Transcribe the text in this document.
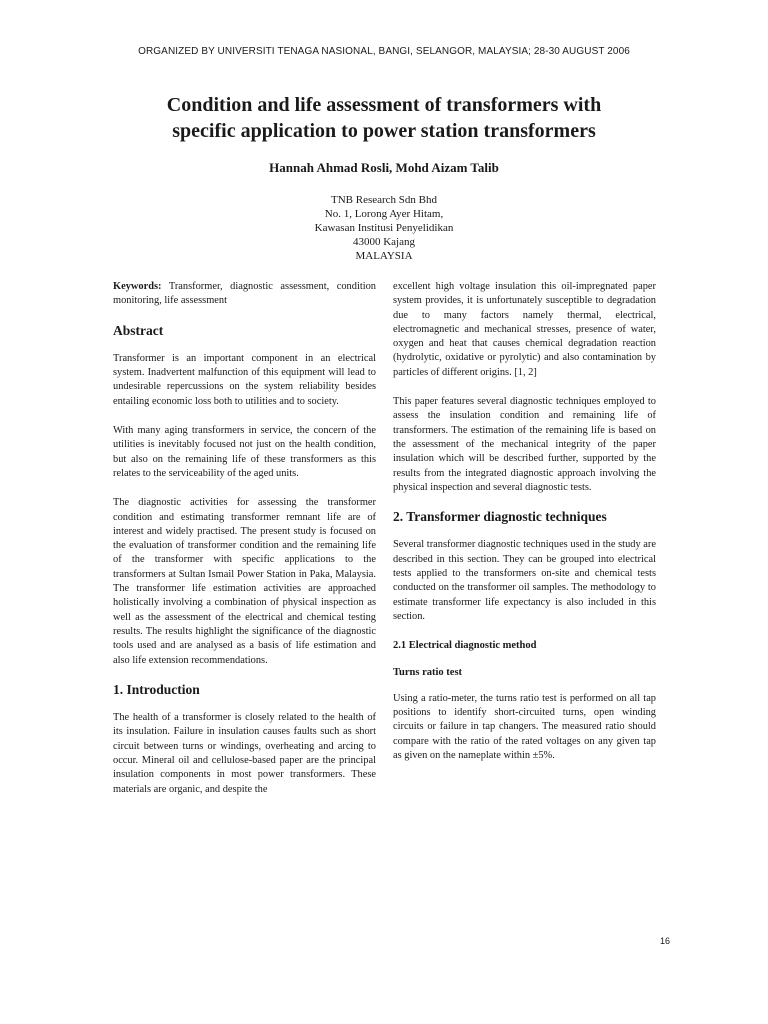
ORGANIZED BY UNIVERSITI TENAGA NASIONAL, BANGI, SELANGOR, MALAYSIA; 28-30 AUGUST 2006
Condition and life assessment of transformers with
specific application to power station transformers
Hannah Ahmad Rosli, Mohd Aizam Talib
TNB Research Sdn Bhd
No. 1, Lorong Ayer Hitam,
Kawasan Institusi Penyelidikan
43000 Kajang
MALAYSIA

Keywords: Transformer, diagnostic assessment, condition monitoring, life assessment

Abstract

Transformer is an important component in an electrical system. Inadvertent malfunction of this equipment will lead to undesirable repercussions on the system reliability besides entailing economic loss both to utilities and to society.

With many aging transformers in service, the concern of the utilities is inevitably focused not just on the health condition, but also on the remaining life of these transformers as this relates to the serviceability of the aged units.

The diagnostic activities for assessing the transformer condition and estimating transformer remnant life are of interest and widely practised. The present study is focused on the evaluation of transformer condition and the remaining life of the transformer with specific applications to the transformers at Sultan Ismail Power Station in Paka, Malaysia. The transformer life estimation activities are approached holistically involving a combination of physical inspection as well as the assessment of the electrical and chemical testing results. The results highlight the significance of the diagnostic tools used and are analysed as a basis of life estimation and also life extension recommendations.

1. Introduction

The health of a transformer is closely related to the health of its insulation. Failure in insulation causes faults such as short circuit between turns or windings, overheating and arcing to occur. Mineral oil and cellulose-based paper are the principal insulation components in most power transformers. These materials are organic, and despite the

excellent high voltage insulation this oil-impregnated paper system provides, it is unfortunately susceptible to degradation due to many factors namely thermal, electrical, electromagnetic and mechanical stresses, presence of water, oxygen and heat that causes chemical degradation reaction (hydrolytic, oxidative or pyrolytic) and also contamination by particles of different origins. [1, 2]

This paper features several diagnostic techniques employed to assess the insulation condition and remaining life of transformers. The estimation of the remaining life is based on the assessment of the mechanical integrity of the paper insulation which will be described further, supported by the results from the integrated diagnostic approach involving the physical inspection and several diagnostic tests.

2. Transformer diagnostic techniques

Several transformer diagnostic techniques used in the study are described in this section. They can be grouped into electrical tests applied to the transformers on-site and chemical tests conducted on the transformer oil samples. The methodology to estimate transformer life expectancy is also included in this section.

2.1 Electrical diagnostic method
Turns ratio test

Using a ratio-meter, the turns ratio test is performed on all tap positions to identify short-circuited turns, open winding circuits or failure in tap changers. The measured ratio should compare with the ratio of the rated voltages on any given tap as given on the nameplate within ±5%.

16
